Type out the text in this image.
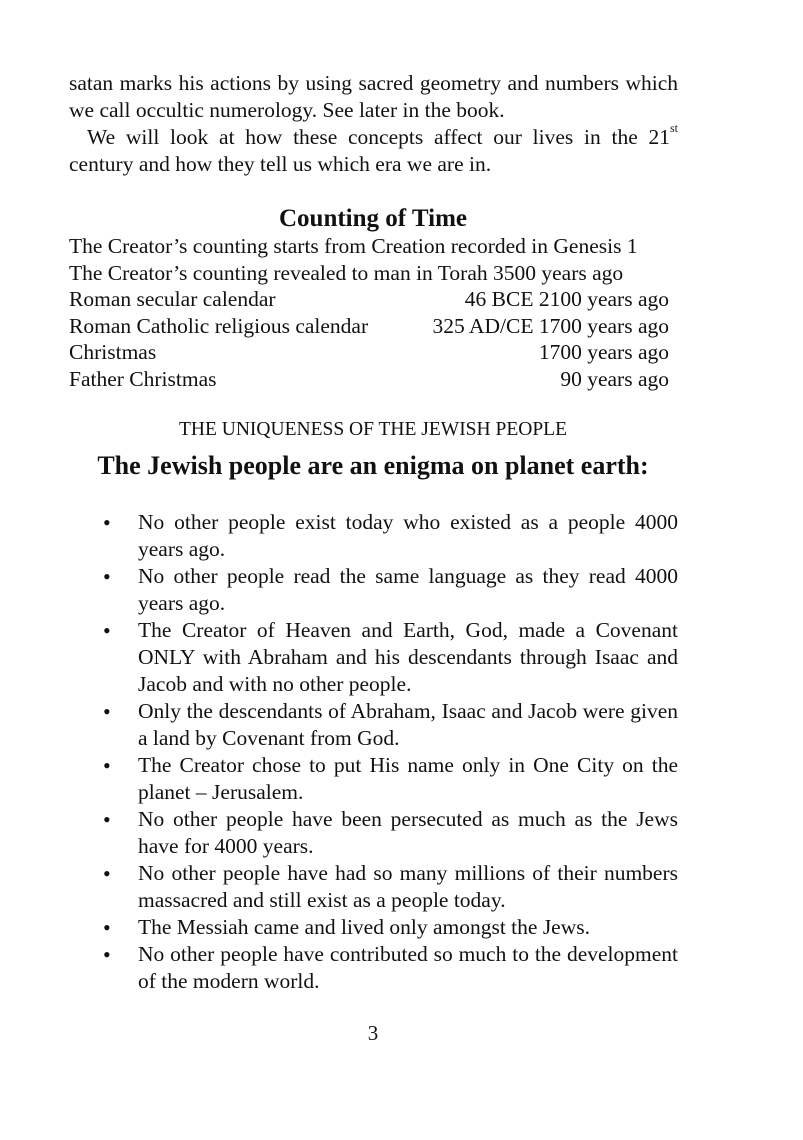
satan marks his actions by using sacred geometry and numbers which we call occultic numerology. See later in the book.

We will look at how these concepts affect our lives in the 21st century and how they tell us which era we are in.

Counting of Time
The Creator’s counting starts from Creation recorded in Genesis 1
The Creator’s counting revealed to man in Torah 3500 years ago
Roman secular calendar	46 BCE 2100 years ago
Roman Catholic religious calendar	325 AD/CE 1700 years ago
Christmas	1700 years ago
Father Christmas	90 years ago
THE UNIQUENESS OF THE JEWISH PEOPLE
The Jewish people are an enigma on planet earth:
•	No other people exist today who existed as a people 4000 years ago.
•	No other people read the same language as they read 4000 years ago.
•	The Creator of Heaven and Earth, God, made a Covenant ONLY with Abraham and his descendants through Isaac and Jacob and with no other people.
•	Only the descendants of Abraham, Isaac and Jacob were given a land by Covenant from God.
•	The Creator chose to put His name only in One City on the planet – Jerusalem.
•	No other people have been persecuted as much as the Jews have for 4000 years.
•	No other people have had so many millions of their numbers massacred and still exist as a people today.
•	The Messiah came and lived only amongst the Jews.
•	No other people have contributed so much to the development of the modern world.
3
